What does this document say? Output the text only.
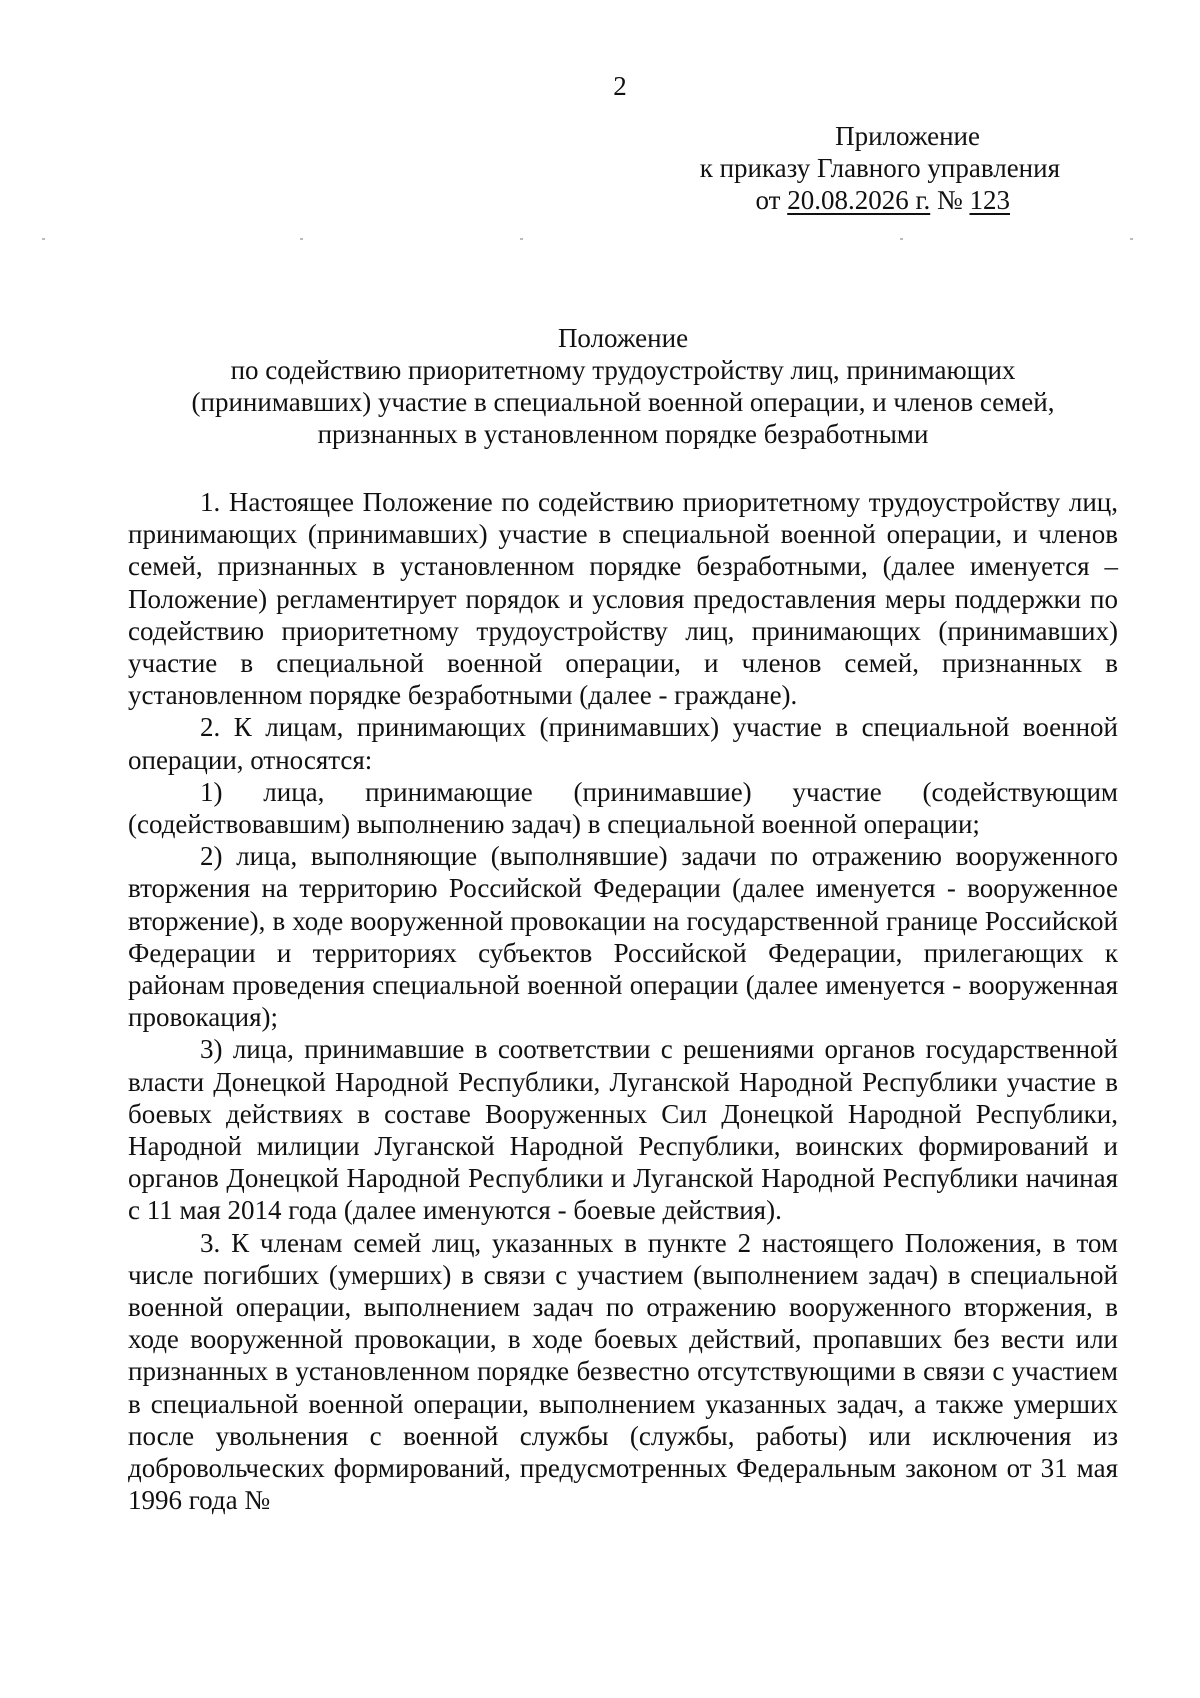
2
Приложение
к приказу Главного управления
от 20.08.2026 г. № 123
Положение
по содействию приоритетному трудоустройству лиц, принимающих
(принимавших) участие в специальной военной операции, и членов семей,
признанных в установленном порядке безработными

1. Настоящее Положение по содействию приоритетному трудоустройству лиц, принимающих (принимавших) участие в специальной военной операции, и членов семей, признанных в установленном порядке безработными, (далее именуется – Положение) регламентирует порядок и условия предоставления меры поддержки по содействию приоритетному трудоустройству лиц, принимающих (принимавших) участие в специальной военной операции, и членов семей, признанных в установленном порядке безработными (далее - граждане).

2. К лицам, принимающих (принимавших) участие в специальной военной операции, относятся:

1) лица, принимающие (принимавшие) участие (содействующим (содействовавшим) выполнению задач) в специальной военной операции;

2) лица, выполняющие (выполнявшие) задачи по отражению вооруженного вторжения на территорию Российской Федерации (далее именуется - вооруженное вторжение), в ходе вооруженной провокации на государственной границе Российской Федерации и территориях субъектов Российской Федерации, прилегающих к районам проведения специальной военной операции (далее именуется - вооруженная провокация);

3) лица, принимавшие в соответствии с решениями органов государственной власти Донецкой Народной Республики, Луганской Народной Республики участие в боевых действиях в составе Вооруженных Сил Донецкой Народной Республики, Народной милиции Луганской Народной Республики, воинских формирований и органов Донецкой Народной Республики и Луганской Народной Республики начиная с 11 мая 2014 года (далее именуются - боевые действия).

3. К членам семей лиц, указанных в пункте 2 настоящего Положения, в том числе погибших (умерших) в связи с участием (выполнением задач) в специальной военной операции, выполнением задач по отражению вооруженного вторжения, в ходе вооруженной провокации, в ходе боевых действий, пропавших без вести или признанных в установленном порядке безвестно отсутствующими в связи с участием в специальной военной операции, выполнением указанных задач, а также умерших после увольнения с военной службы (службы, работы) или исключения из добровольческих формирований, предусмотренных Федеральным законом от 31 мая 1996 года №
